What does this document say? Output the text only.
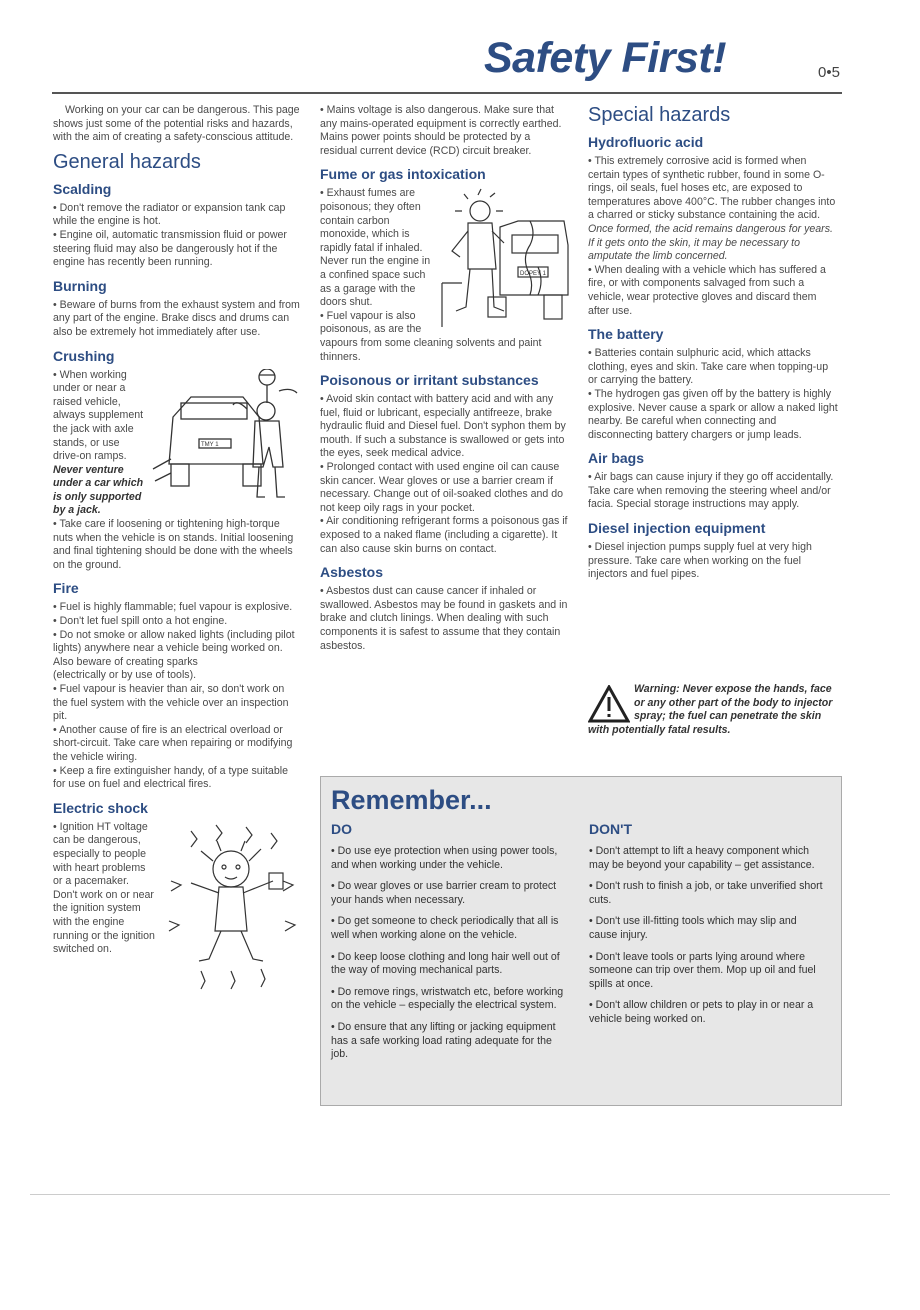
Safety First!	0•5

Working on your car can be dangerous. This page shows just some of the potential risks and hazards, with the aim of creating a safety-conscious attitude.

General hazards
Scalding

• Don't remove the radiator or expansion tank cap while the engine is hot.

• Engine oil, automatic transmission fluid or power steering fluid may also be dangerously hot if the engine has recently been running.

Burning

• Beware of burns from the exhaust system and from any part of the engine. Brake discs and drums can also be extremely hot immediately after use.

Crushing
TMY 1

• When working under or near a raised vehicle, always supplement the jack with axle stands, or use drive-on ramps. Never venture under a car which is only supported by a jack.

• Take care if loosening or tightening high-torque nuts when the vehicle is on stands. Initial loosening and final tightening should be done with the wheels on the ground.

Fire

• Fuel is highly flammable; fuel vapour is explosive.

• Don't let fuel spill onto a hot engine.

• Do not smoke or allow naked lights (including pilot lights) anywhere near a vehicle being worked on. Also beware of creating sparks

(electrically or by use of tools).

• Fuel vapour is heavier than air, so don't work on the fuel system with the vehicle over an inspection pit.

• Another cause of fire is an electrical overload or short-circuit. Take care when repairing or modifying the vehicle wiring.

• Keep a fire extinguisher handy, of a type suitable for use on fuel and electrical fires.

Electric shock

• Ignition HT voltage can be dangerous, especially to people with heart problems or a pacemaker. Don't work on or near the ignition system with the engine running or the ignition switched on.

• Mains voltage is also dangerous. Make sure that any mains-operated equipment is correctly earthed. Mains power points should be protected by a residual current device (RCD) circuit breaker.

Fume or gas intoxication
DOPEY 1

• Exhaust fumes are poisonous; they often contain carbon monoxide, which is rapidly fatal if inhaled. Never run the engine in a confined space such as a garage with the doors shut.

• Fuel vapour is also poisonous, as are the vapours from some cleaning solvents and paint thinners.

Poisonous or irritant substances

• Avoid skin contact with battery acid and with any fuel, fluid or lubricant, especially antifreeze, brake hydraulic fluid and Diesel fuel. Don't syphon them by mouth. If such a substance is swallowed or gets into the eyes, seek medical advice.

• Prolonged contact with used engine oil can cause skin cancer. Wear gloves or use a barrier cream if necessary. Change out of oil-soaked clothes and do not keep oily rags in your pocket.

• Air conditioning refrigerant forms a poisonous gas if exposed to a naked flame (including a cigarette). It can also cause skin burns on contact.

Asbestos

• Asbestos dust can cause cancer if inhaled or swallowed. Asbestos may be found in gaskets and in brake and clutch linings. When dealing with such components it is safest to assume that they contain asbestos.

Special hazards
Hydrofluoric acid

• This extremely corrosive acid is formed when certain types of synthetic rubber, found in some O-rings, oil seals, fuel hoses etc, are exposed to temperatures above 400°C. The rubber changes into a charred or sticky substance containing the acid. Once formed, the acid remains dangerous for years. If it gets onto the skin, it may be necessary to amputate the limb concerned.

• When dealing with a vehicle which has suffered a fire, or with components salvaged from such a vehicle, wear protective gloves and discard them after use.

The battery

• Batteries contain sulphuric acid, which attacks clothing, eyes and skin. Take care when topping-up or carrying the battery.

• The hydrogen gas given off by the battery is highly explosive. Never cause a spark or allow a naked light nearby. Be careful when connecting and disconnecting battery chargers or jump leads.

Air bags

• Air bags can cause injury if they go off accidentally. Take care when removing the steering wheel and/or facia. Special storage instructions may apply.

Diesel injection equipment

• Diesel injection pumps supply fuel at very high pressure. Take care when working on the fuel injectors and fuel pipes.

Warning: Never expose the hands, face or any other part of the body to injector spray; the fuel can penetrate the skin with potentially fatal results.
Remember...
DO

• Do use eye protection when using power tools, and when working under the vehicle.

• Do wear gloves or use barrier cream to protect your hands when necessary.

• Do get someone to check periodically that all is well when working alone on the vehicle.

• Do keep loose clothing and long hair well out of the way of moving mechanical parts.

• Do remove rings, wristwatch etc, before working on the vehicle – especially the electrical system.

• Do ensure that any lifting or jacking equipment has a safe working load rating adequate for the job.

DON'T

• Don't attempt to lift a heavy component which may be beyond your capability – get assistance.

• Don't rush to finish a job, or take unverified short cuts.

• Don't use ill-fitting tools which may slip and cause injury.

• Don't leave tools or parts lying around where someone can trip over them. Mop up oil and fuel spills at once.

• Don't allow children or pets to play in or near a vehicle being worked on.
